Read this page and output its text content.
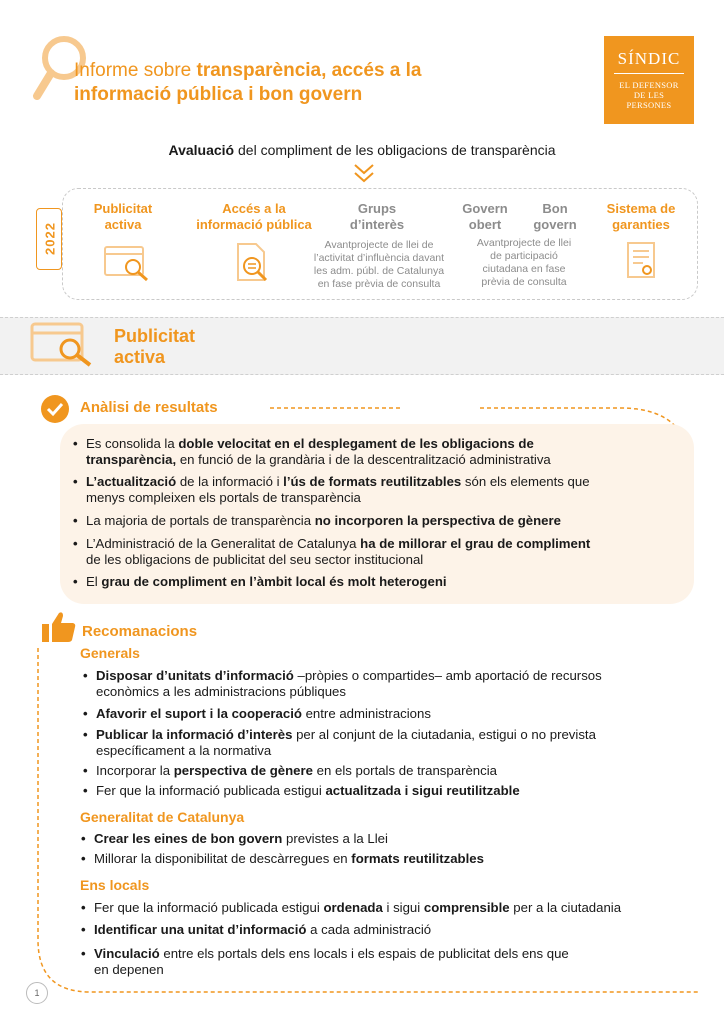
Informe sobre transparència, accés a la
informació pública i bon govern
SÍNDIC
EL DEFENSOR
DE LES
PERSONES
Avaluació del compliment de les obligacions de transparència
2022
Publicitat
activa
Accés a la
informació pública
Grups
d’interès
Govern
obert
Bon
govern
Sistema de
garanties
Avantprojecte de llei de
l’activitat d’influència davant
les adm. públ. de Catalunya
en fase prèvia de consulta
Avantprojecte de llei
de participació
ciutadana en fase
prèvia de consulta
Publicitat
activa
Anàlisi de resultats
• Es consolida la doble velocitat en el desplegament de les obligacions de
transparència, en funció de la grandària i de la descentralització administrativa
• L’actualització de la informació i l’ús de formats reutilitzables són els elements que
menys compleixen els portals de transparència
• La majoria de portals de transparència no incorporen la perspectiva de gènere
• L’Administració de la Generalitat de Catalunya ha de millorar el grau de compliment
de les obligacions de publicitat del seu sector institucional
• El grau de compliment en l’àmbit local és molt heterogeni
Recomanacions
Generals
• Disposar d’unitats d’informació –pròpies o compartides– amb aportació de recursos
econòmics a les administracions públiques
• Afavorir el suport i la cooperació entre administracions
• Publicar la informació d’interès per al conjunt de la ciutadania, estigui o no prevista
específicament a la normativa
• Incorporar la perspectiva de gènere en els portals de transparència
• Fer que la informació publicada estigui actualitzada i sigui reutilitzable
Generalitat de Catalunya
• Crear les eines de bon govern previstes a la Llei
• Millorar la disponibilitat de descàrregues en formats reutilitzables
Ens locals
• Fer que la informació publicada estigui ordenada i sigui comprensible per a la ciutadania
• Identificar una unitat d’informació a cada administració
• Vinculació entre els portals dels ens locals i els espais de publicitat dels ens que
en depenen
1
